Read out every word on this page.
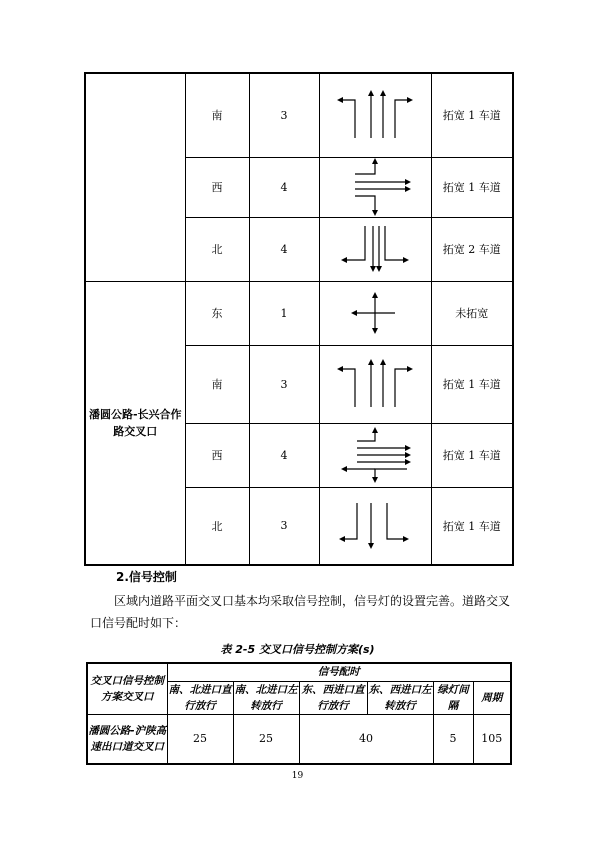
	南	3		拓宽 1 车道
	西	4		拓宽 1 车道
	北	4		拓宽 2 车道
潘圆公路-长兴合作路交叉口	东	1		未拓宽
	南	3		拓宽 1 车道
	西	4		拓宽 1 车道
	北	3		拓宽 1 车道
2.信号控制
区域内道路平面交叉口基本均采取信号控制，信号灯的设置完善。道路交叉
口信号配时如下：
表 2-5 交叉口信号控制方案(s)
交叉口信号控制方案交叉口	信号配时					
	南、北进口直行放行	南、北进口左转放行	东、西进口直行放行	东、西进口左转放行	绿灯间隔	周期
潘圆公路-沪陕高速出口道交叉口	25	25	40		5	105
19
